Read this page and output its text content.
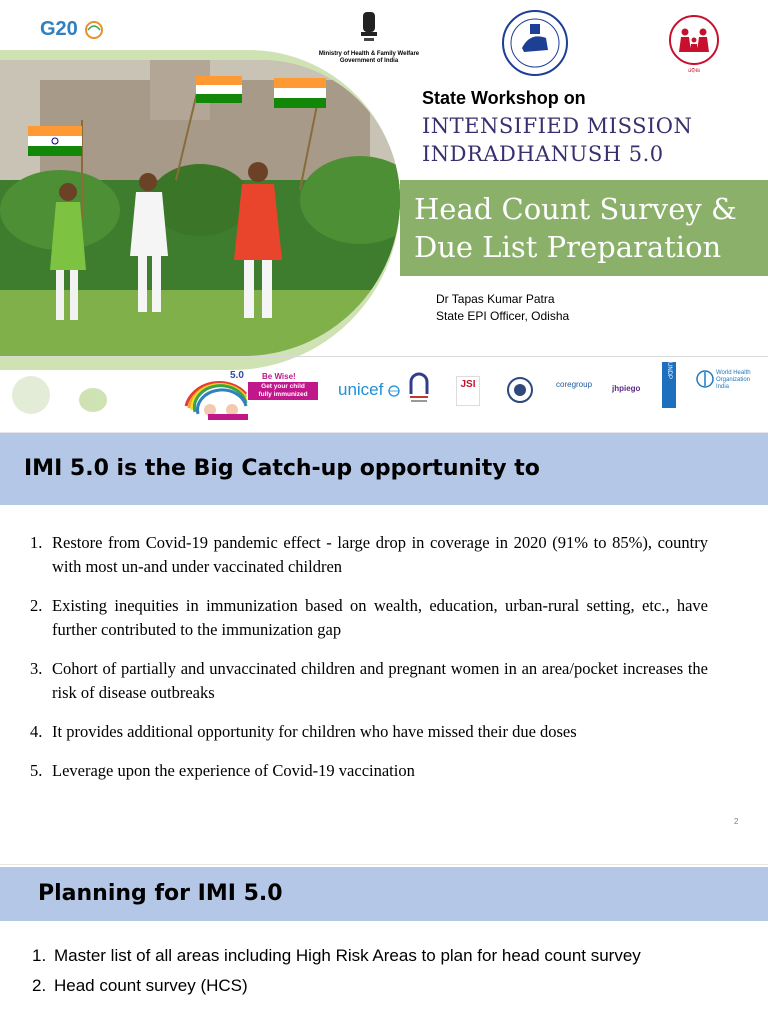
G20
Ministry of Health & Family Welfare
Government of India
ଓଡ଼ିଶା
State Workshop on
INTENSIFIED MISSION
INDRADHANUSH 5.0
Head Count Survey &
Due List Preparation
Dr Tapas Kumar Patra
State EPI Officer, Odisha
5.0 Be Wise!
Get your child
fully immunized	unicef	JSI	coregroup jhpiego
UNDP	World Health
Organization
India
IMI 5.0 is the Big Catch-up opportunity to
1. Restore from Covid-19 pandemic effect - large drop in coverage in 2020 (91% to 85%), country with most un-and under vaccinated children
2. Existing inequities in immunization based on wealth, education, urban-rural setting, etc., have further contributed to the immunization gap
3. Cohort of partially and unvaccinated children and pregnant women in an area/pocket increases the risk of disease outbreaks
4. It provides additional opportunity for children who have missed their due doses
5. Leverage upon the experience of Covid-19 vaccination
2
Planning for IMI 5.0
1. Master list of all areas including High Risk Areas to plan for head count survey
2. Head count survey (HCS)
